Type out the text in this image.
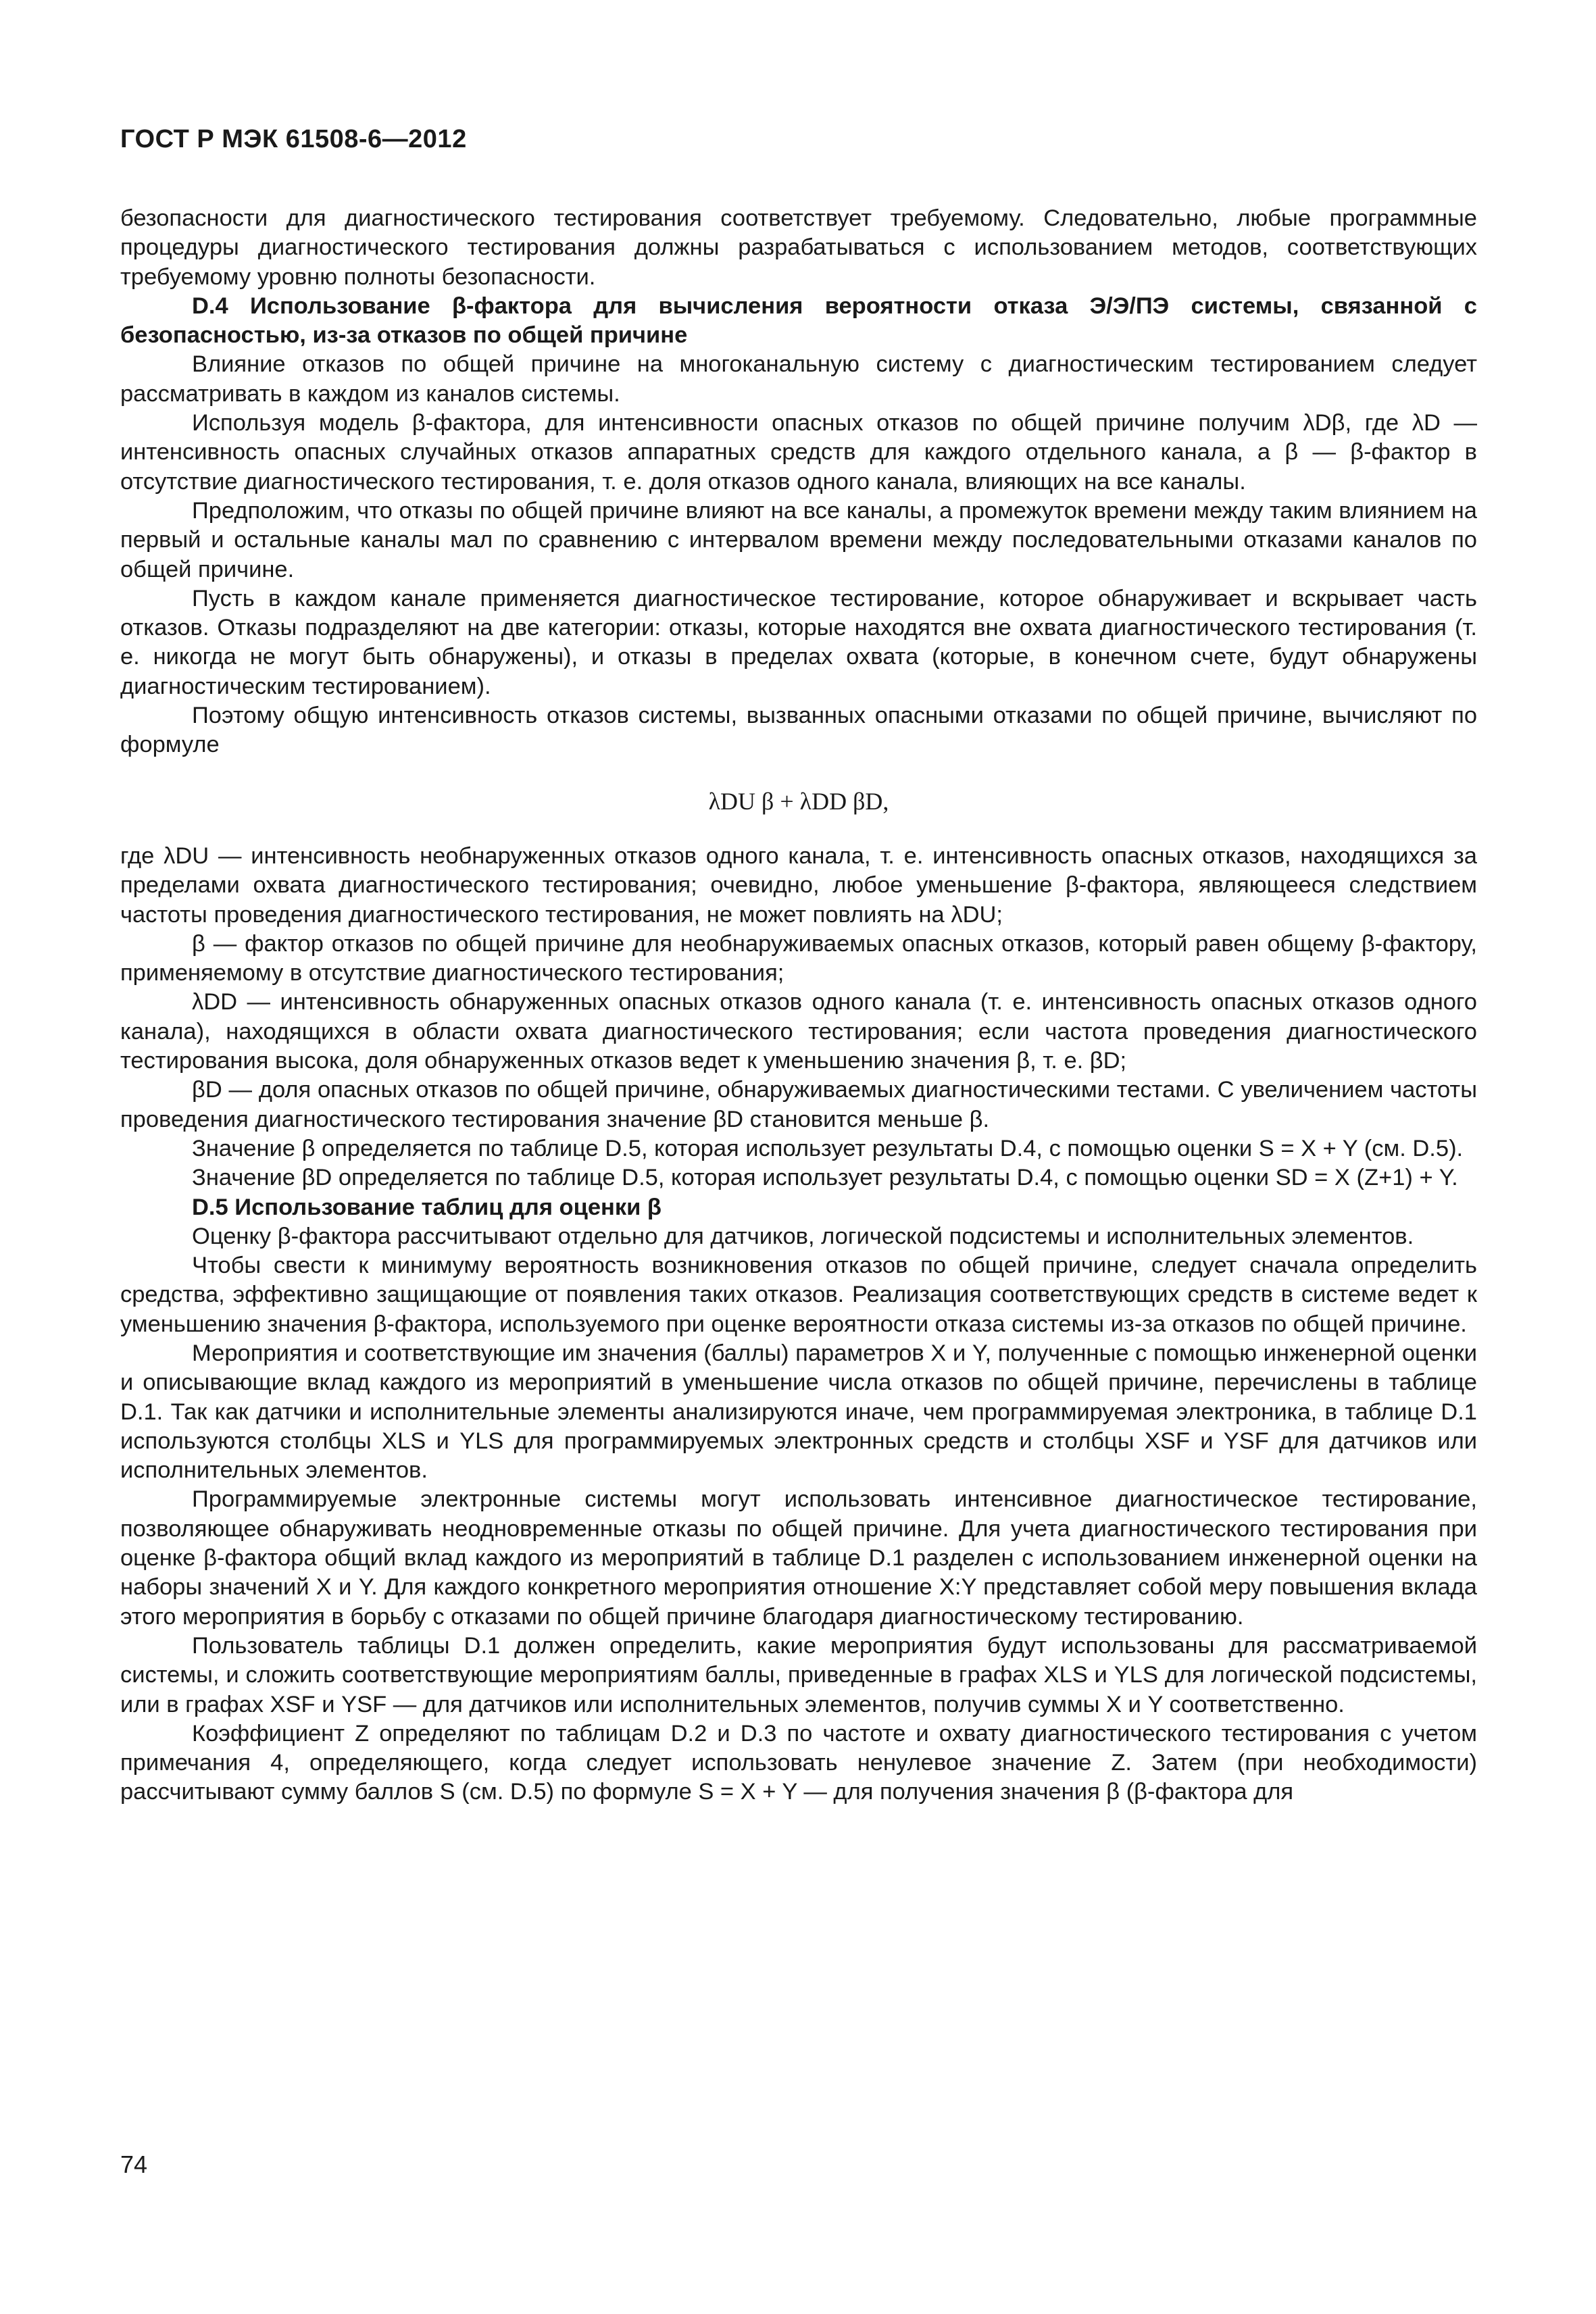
ГОСТ Р МЭК 61508-6—2012

безопасности для диагностического тестирования соответствует требуемому. Следовательно, любые программные процедуры диагностического тестирования должны разрабатываться с использованием методов, соответствующих требуемому уровню полноты безопасности.

D.4 Использование β-фактора для вычисления вероятности отказа Э/Э/ПЭ системы, связанной с безопасностью, из-за отказов по общей причине

Влияние отказов по общей причине на многоканальную систему с диагностическим тестированием следует рассматривать в каждом из каналов системы.

Используя модель β-фактора, для интенсивности опасных отказов по общей причине получим λDβ, где λD — интенсивность опасных случайных отказов аппаратных средств для каждого отдельного канала, а β — β-фактор в отсутствие диагностического тестирования, т. е. доля отказов одного канала, влияющих на все каналы.

Предположим, что отказы по общей причине влияют на все каналы, а промежуток времени между таким влиянием на первый и остальные каналы мал по сравнению с интервалом времени между последовательными отказами каналов по общей причине.

Пусть в каждом канале применяется диагностическое тестирование, которое обнаруживает и вскрывает часть отказов. Отказы подразделяют на две категории: отказы, которые находятся вне охвата диагностического тестирования (т. е. никогда не могут быть обнаружены), и отказы в пределах охвата (которые, в конечном счете, будут обнаружены диагностическим тестированием).

Поэтому общую интенсивность отказов системы, вызванных опасными отказами по общей причине, вычисляют по формуле

λDU β + λDD βD,

где λDU — интенсивность необнаруженных отказов одного канала, т. е. интенсивность опасных отказов, находящихся за пределами охвата диагностического тестирования; очевидно, любое уменьшение β-фактора, являющееся следствием частоты проведения диагностического тестирования, не может повлиять на λDU;

β — фактор отказов по общей причине для необнаруживаемых опасных отказов, который равен общему β-фактору, применяемому в отсутствие диагностического тестирования;

λDD — интенсивность обнаруженных опасных отказов одного канала (т. е. интенсивность опасных отказов одного канала), находящихся в области охвата диагностического тестирования; если частота проведения диагностического тестирования высока, доля обнаруженных отказов ведет к уменьшению значения β, т. е. βD;

βD — доля опасных отказов по общей причине, обнаруживаемых диагностическими тестами. С увеличением частоты проведения диагностического тестирования значение βD становится меньше β.

Значение β определяется по таблице D.5, которая использует результаты D.4, с помощью оценки S = X + Y (см. D.5).

Значение βD определяется по таблице D.5, которая использует результаты D.4, с помощью оценки SD = X (Z+1) + Y.

D.5 Использование таблиц для оценки β

Оценку β-фактора рассчитывают отдельно для датчиков, логической подсистемы и исполнительных элементов.

Чтобы свести к минимуму вероятность возникновения отказов по общей причине, следует сначала определить средства, эффективно защищающие от появления таких отказов. Реализация соответствующих средств в системе ведет к уменьшению значения β-фактора, используемого при оценке вероятности отказа системы из-за отказов по общей причине.

Мероприятия и соответствующие им значения (баллы) параметров X и Y, полученные с помощью инженерной оценки и описывающие вклад каждого из мероприятий в уменьшение числа отказов по общей причине, перечислены в таблице D.1. Так как датчики и исполнительные элементы анализируются иначе, чем программируемая электроника, в таблице D.1 используются столбцы XLS и YLS для программируемых электронных средств и столбцы XSF и YSF для датчиков или исполнительных элементов.

Программируемые электронные системы могут использовать интенсивное диагностическое тестирование, позволяющее обнаруживать неодновременные отказы по общей причине. Для учета диагностического тестирования при оценке β-фактора общий вклад каждого из мероприятий в таблице D.1 разделен с использованием инженерной оценки на наборы значений X и Y. Для каждого конкретного мероприятия отношение X:Y представляет собой меру повышения вклада этого мероприятия в борьбу с отказами по общей причине благодаря диагностическому тестированию.

Пользователь таблицы D.1 должен определить, какие мероприятия будут использованы для рассматриваемой системы, и сложить соответствующие мероприятиям баллы, приведенные в графах XLS и YLS для логической подсистемы, или в графах XSF и YSF — для датчиков или исполнительных элементов, получив суммы X и Y соответственно.

Коэффициент Z определяют по таблицам D.2 и D.3 по частоте и охвату диагностического тестирования с учетом примечания 4, определяющего, когда следует использовать ненулевое значение Z. Затем (при необходимости) рассчитывают сумму баллов S (см. D.5) по формуле S = X + Y — для получения значения β (β-фактора для

74
